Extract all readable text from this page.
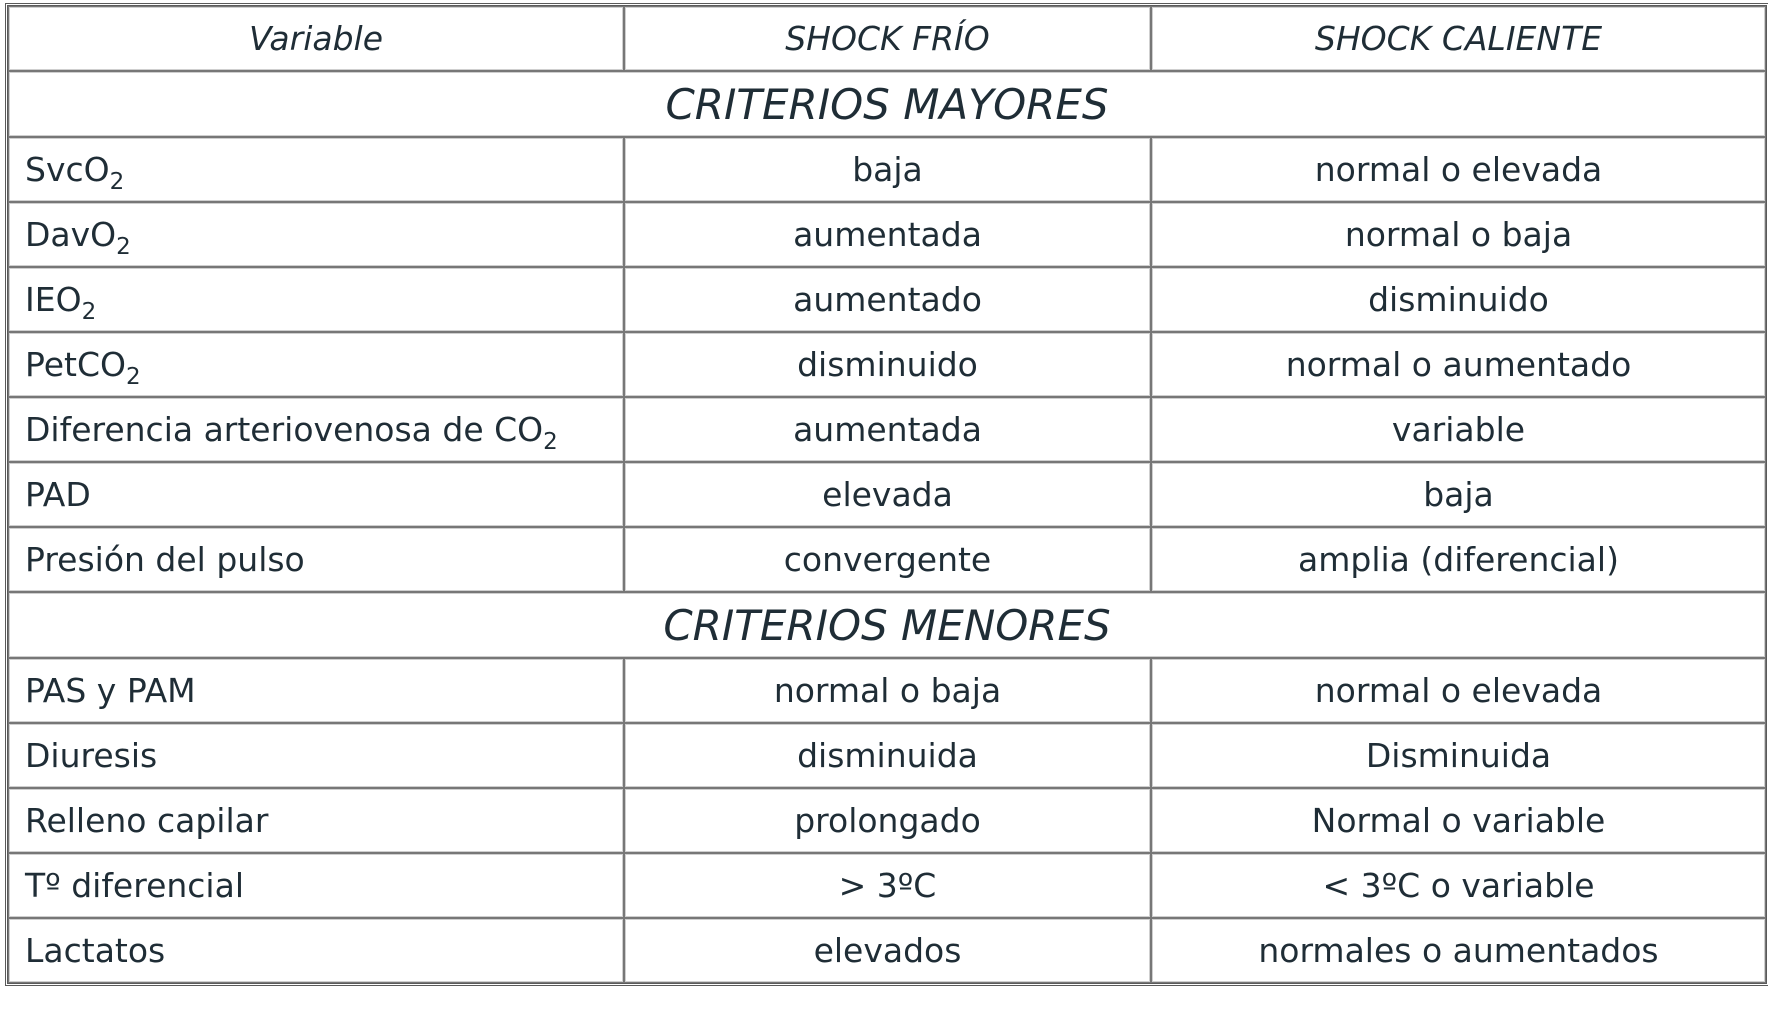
Variable	SHOCK FRÍO	SHOCK CALIENTE
CRITERIOS MAYORES		
SvcO$_2$	baja	normal o elevada
DavO$_2$	aumentada	normal o baja
$IEO_2$	aumentado	disminuido
PetCO$_2$	disminuido	normal o aumentado
Diferencia arteriovenosa de $CO_2$	aumentada	variable
PAD	elevada	baja
Presión del pulso	convergente	amplia (diferencial)
CRITERIOS MENORES		
PAS y PAM	normal o baja	normal o elevada
Diuresis	disminuida	Disminuida
Relleno capilar	prolongado	Normal o variable
Tº diferencial	> 3ºC	< 3ºC o variable
Lactatos	elevados	normales o aumentados
